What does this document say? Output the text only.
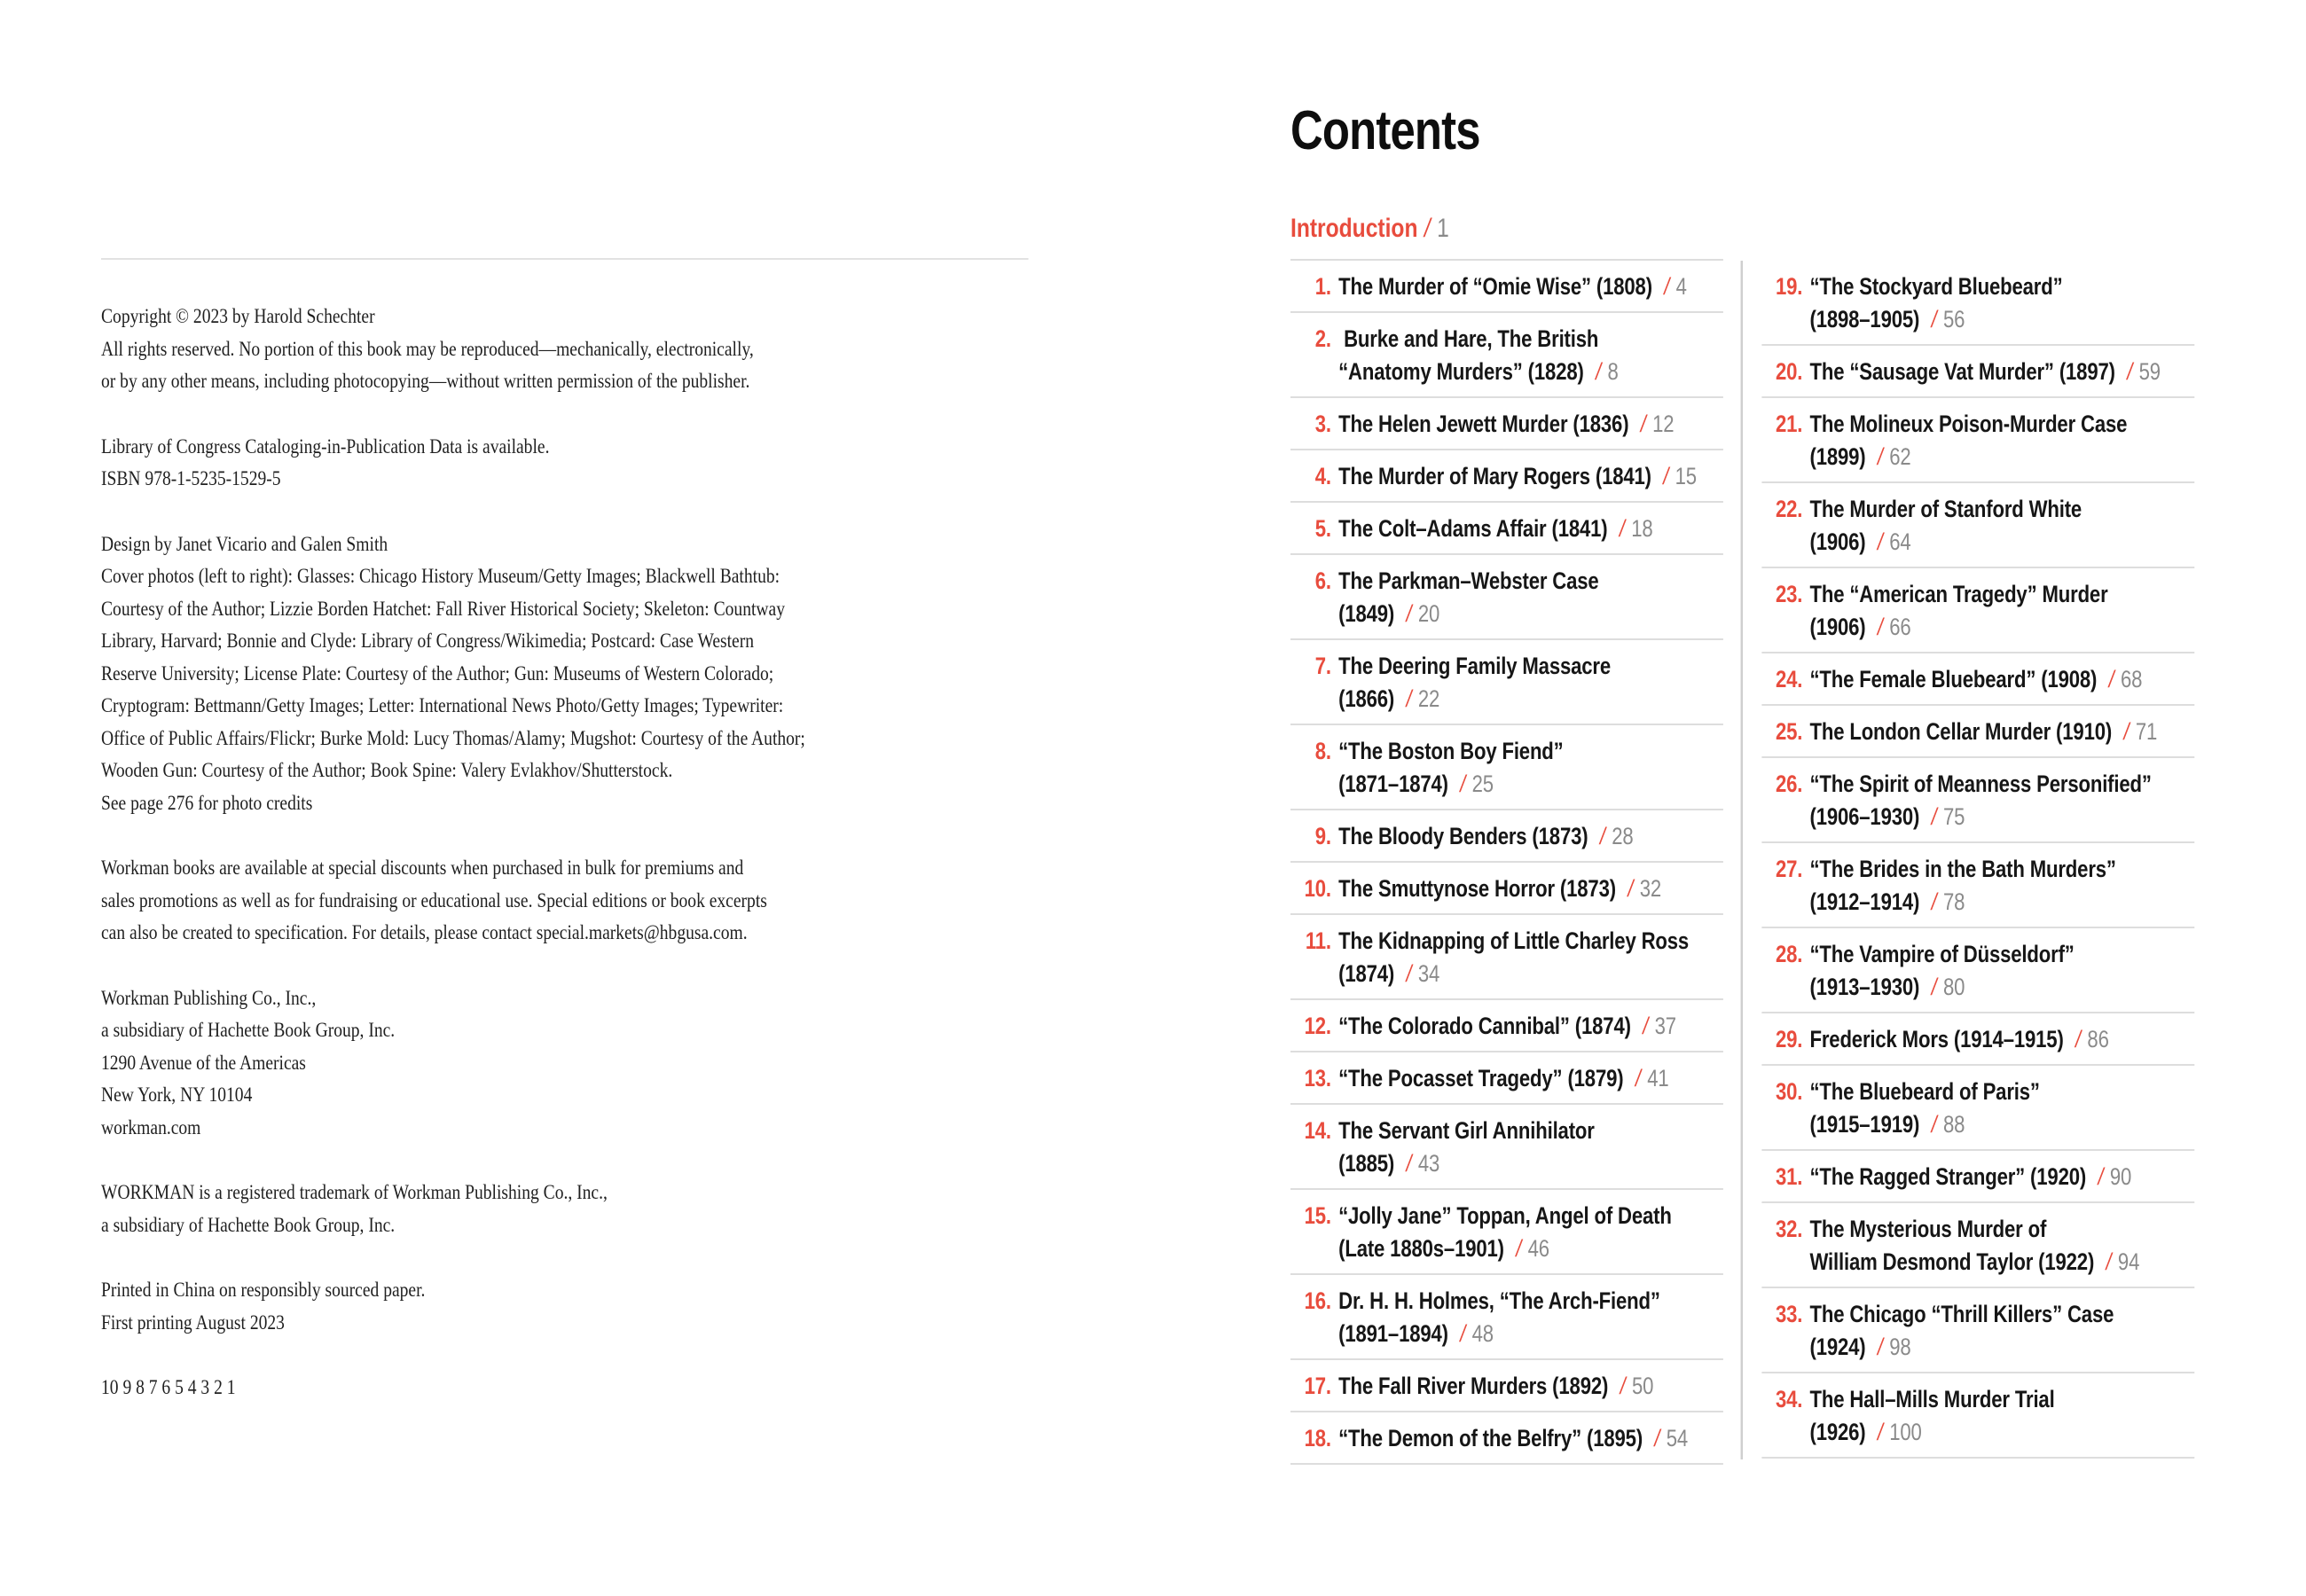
Copyright © 2023 by Harold Schechter
All rights reserved. No portion of this book may be reproduced—mechanically, electronically,
or by any other means, including photocopying—without written permission of the publisher.

Library of Congress Cataloging-in-Publication Data is available.
ISBN 978-1-5235-1529-5

Design by Janet Vicario and Galen Smith
Cover photos (left to right): Glasses: Chicago History Museum/Getty Images; Blackwell Bathtub:
Courtesy of the Author; Lizzie Borden Hatchet: Fall River Historical Society; Skeleton: Countway
Library, Harvard; Bonnie and Clyde: Library of Congress/Wikimedia; Postcard: Case Western
Reserve University; License Plate: Courtesy of the Author; Gun: Museums of Western Colorado;
Cryptogram: Bettmann/Getty Images; Letter: International News Photo/Getty Images; Typewriter:
Office of Public Affairs/Flickr; Burke Mold: Lucy Thomas/Alamy; Mugshot: Courtesy of the Author;
Wooden Gun: Courtesy of the Author; Book Spine: Valery Evlakhov/Shutterstock.
See page 276 for photo credits

Workman books are available at special discounts when purchased in bulk for premiums and
sales promotions as well as for fundraising or educational use. Special editions or book excerpts
can also be created to specification. For details, please contact special.markets@hbgusa.com.

Workman Publishing Co., Inc.,
a subsidiary of Hachette Book Group, Inc.
1290 Avenue of the Americas
New York, NY 10104
workman.com

WORKMAN is a registered trademark of Workman Publishing Co., Inc.,
a subsidiary of Hachette Book Group, Inc.

Printed in China on responsibly sourced paper.
First printing August 2023

10 9 8 7 6 5 4 3 2 1

Contents
Introduction / 1
1. The Murder of “Omie Wise” (1808) / 4
2. Burke and Hare, The British
“Anatomy Murders” (1828) / 8
3. The Helen Jewett Murder (1836) / 12
4. The Murder of Mary Rogers (1841) / 15
5. The Colt–Adams Affair (1841) / 18
6. The Parkman–Webster Case
(1849) / 20
7. The Deering Family Massacre
(1866) / 22
8. “The Boston Boy Fiend”
(1871–1874) / 25
9. The Bloody Benders (1873) / 28
10. The Smuttynose Horror (1873) / 32
11. The Kidnapping of Little Charley Ross
(1874) / 34
12. “The Colorado Cannibal” (1874) / 37
13. “The Pocasset Tragedy” (1879) / 41
14. The Servant Girl Annihilator
(1885) / 43
15. “Jolly Jane” Toppan, Angel of Death
(Late 1880s–1901) / 46
16. Dr. H. H. Holmes, “The Arch-Fiend”
(1891–1894) / 48
17. The Fall River Murders (1892) / 50
18. “The Demon of the Belfry” (1895) / 54
19. “The Stockyard Bluebeard”
(1898–1905) / 56
20. The “Sausage Vat Murder” (1897) / 59
21. The Molineux Poison-Murder Case
(1899) / 62
22. The Murder of Stanford White
(1906) / 64
23. The “American Tragedy” Murder
(1906) / 66
24. “The Female Bluebeard” (1908) / 68
25. The London Cellar Murder (1910) / 71
26. “The Spirit of Meanness Personified”
(1906–1930) / 75
27. “The Brides in the Bath Murders”
(1912–1914) / 78
28. “The Vampire of Düsseldorf”
(1913–1930) / 80
29. Frederick Mors (1914–1915) / 86
30. “The Bluebeard of Paris”
(1915–1919) / 88
31. “The Ragged Stranger” (1920) / 90
32. The Mysterious Murder of
William Desmond Taylor (1922) / 94
33. The Chicago “Thrill Killers” Case
(1924) / 98
34. The Hall–Mills Murder Trial
(1926) / 100
